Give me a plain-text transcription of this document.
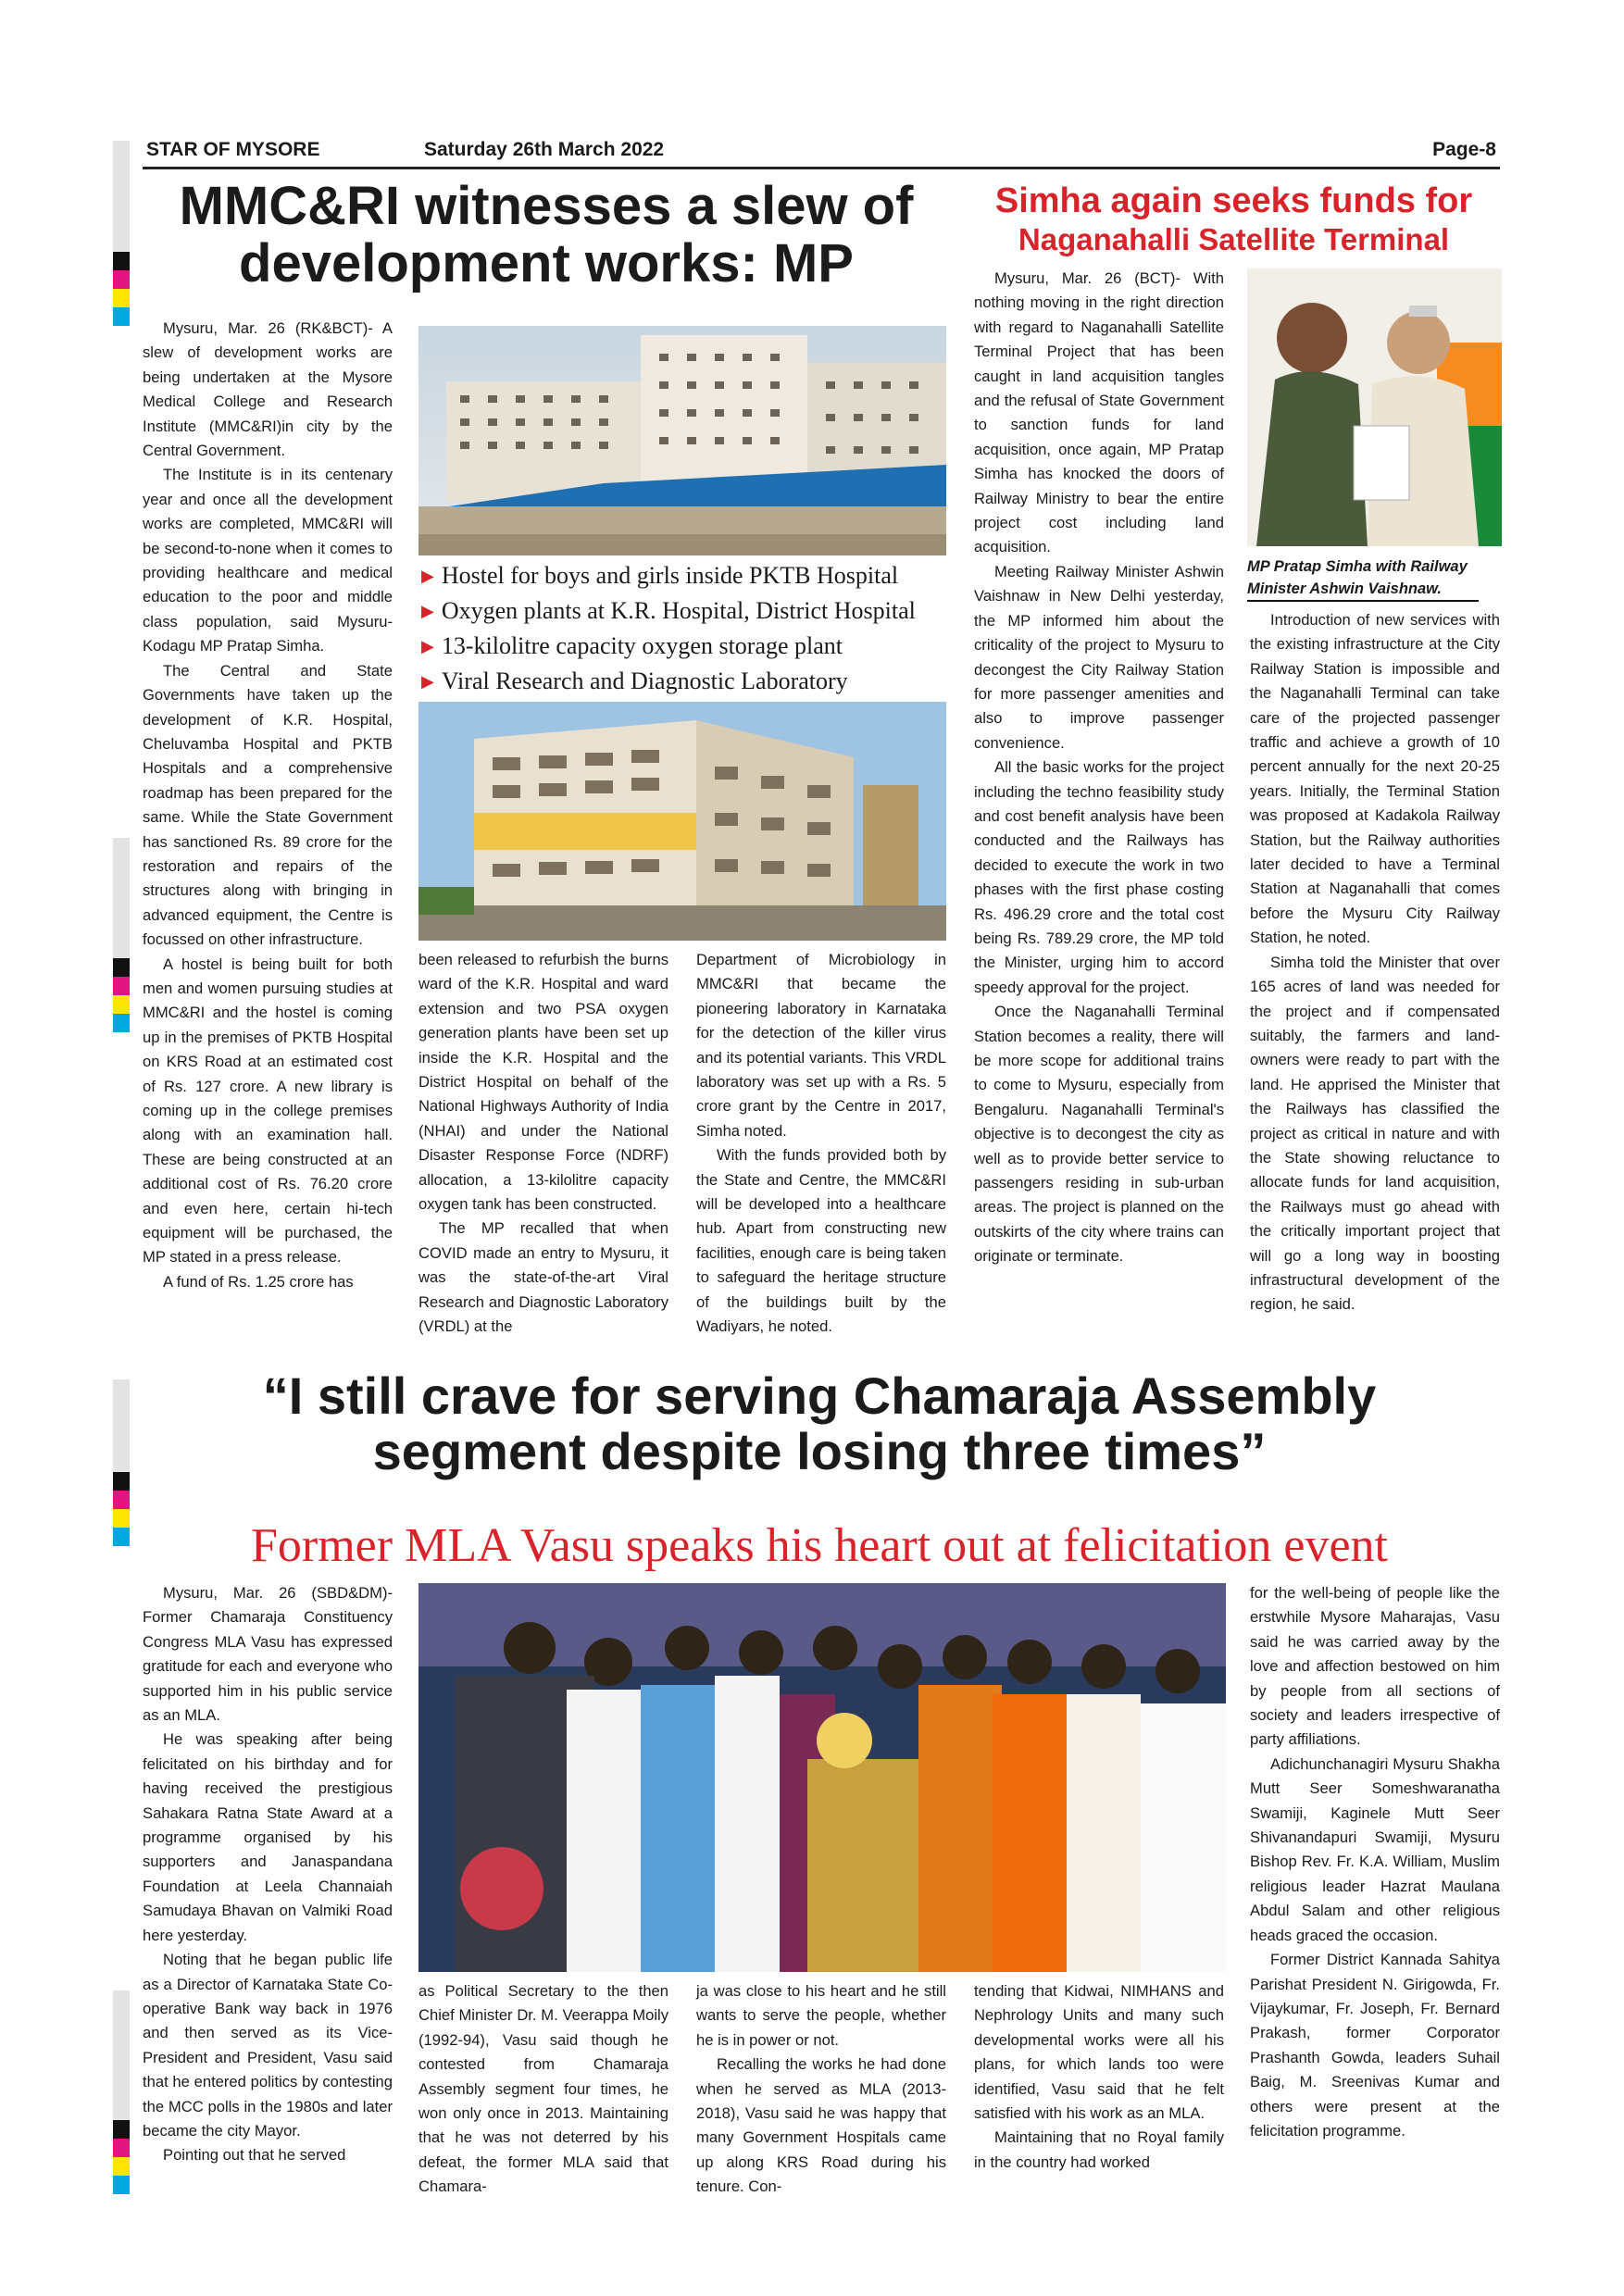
STAR OF MYSORE	Saturday 26th March 2022	Page-8
MMC&RI witnesses a slew of development works: MP
▶ Hostel for boys and girls inside PKTB Hospital
▶ Oxygen plants at K.R. Hospital, District Hospital
▶ 13-kilolitre capacity oxygen storage plant
▶ Viral Research and Diagnostic Laboratory

Mysuru, Mar. 26 (RK&BCT)- A slew of development works are being undertaken at the Mysore Medical College and Research Institute (MMC&RI)in city by the Central Government.

The Institute is in its centenary year and once all the development works are completed, MMC&RI will be second-to-none when it comes to providing healthcare and medical education to the poor and middle class population, said Mysuru-Kodagu MP Pratap Simha.

The Central and State Governments have taken up the development of K.R. Hospital, Cheluvamba Hospital and PKTB Hospitals and a comprehensive roadmap has been prepared for the same. While the State Government has sanctioned Rs. 89 crore for the restoration and repairs of the structures along with bringing in advanced equipment, the Centre is focussed on other infrastructure.

A hostel is being built for both men and women pursuing studies at MMC&RI and the hostel is coming up in the premises of PKTB Hospital on KRS Road at an estimated cost of Rs. 127 crore. A new library is coming up in the college premises along with an examination hall. These are being constructed at an additional cost of Rs. 76.20 crore and even here, certain hi-tech equipment will be purchased, the MP stated in a press release.

A fund of Rs. 1.25 crore has

been released to refurbish the burns ward of the K.R. Hospital and ward extension and two PSA oxygen generation plants have been set up inside the K.R. Hospital and the District Hospital on behalf of the National Highways Authority of India (NHAI) and under the National Disaster Response Force (NDRF) allocation, a 13-kilolitre capacity oxygen tank has been constructed.

The MP recalled that when COVID made an entry to Mysuru, it was the state-of-the-art Viral Research and Diagnostic Laboratory (VRDL) at the

Department of Microbiology in MMC&RI that became the pioneering laboratory in Karnataka for the detection of the killer virus and its potential variants. This VRDL laboratory was set up with a Rs. 5 crore grant by the Centre in 2017, Simha noted.

With the funds provided both by the State and Centre, the MMC&RI will be developed into a healthcare hub. Apart from constructing new facilities, enough care is being taken to safeguard the heritage structure of the buildings built by the Wadiyars, he noted.

Simha again seeks funds for
Naganahalli Satellite Terminal
MP Pratap Simha with Railway Minister Ashwin Vaishnaw.

Mysuru, Mar. 26 (BCT)- With nothing moving in the right direction with regard to Naganahalli Satellite Terminal Project that has been caught in land acquisition tangles and the refusal of State Government to sanction funds for land acquisition, once again, MP Pratap Simha has knocked the doors of Railway Ministry to bear the entire project cost including land acquisition.

Meeting Railway Minister Ashwin Vaishnaw in New Delhi yesterday, the MP informed him about the criticality of the project to Mysuru to decongest the City Railway Station for more passenger amenities and also to improve passenger convenience.

All the basic works for the project including the techno feasibility study and cost benefit analysis have been conducted and the Railways has decided to execute the work in two phases with the first phase costing Rs. 496.29 crore and the total cost being Rs. 789.29 crore, the MP told the Minister, urging him to accord speedy approval for the project.

Once the Naganahalli Terminal Station becomes a reality, there will be more scope for additional trains to come to Mysuru, especially from Bengaluru. Naganahalli Terminal's objective is to decongest the city as well as to provide better service to passengers residing in sub-urban areas. The project is planned on the outskirts of the city where trains can originate or terminate.

Introduction of new services with the existing infrastructure at the City Railway Station is impossible and the Naganahalli Terminal can take care of the projected passenger traffic and achieve a growth of 10 percent annually for the next 20-25 years. Initially, the Terminal Station was proposed at Kadakola Railway Station, but the Railway authorities later decided to have a Terminal Station at Naganahalli that comes before the Mysuru City Railway Station, he noted.

Simha told the Minister that over 165 acres of land was needed for the project and if compensated suitably, the farmers and land-owners were ready to part with the land. He apprised the Minister that the Railways has classified the project as critical in nature and with the State showing reluctance to allocate funds for land acquisition, the Railways must go ahead with the critically important project that will go a long way in boosting infrastructural development of the region, he said.

“I still crave for serving Chamaraja Assembly
segment despite losing three times”
Former MLA Vasu speaks his heart out at felicitation event

Mysuru, Mar. 26 (SBD&DM)- Former Chamaraja Constituency Congress MLA Vasu has expressed gratitude for each and everyone who supported him in his public service as an MLA.

He was speaking after being felicitated on his birthday and for having received the prestigious Sahakara Ratna State Award at a programme organised by his supporters and Janaspandana Foundation at Leela Channaiah Samudaya Bhavan on Valmiki Road here yesterday.

Noting that he began public life as a Director of Karnataka State Co-operative Bank way back in 1976 and then served as its Vice-President and President, Vasu said that he entered politics by contesting the MCC polls in the 1980s and later became the city Mayor.

Pointing out that he served

as Political Secretary to the then Chief Minister Dr. M. Veerappa Moily (1992-94), Vasu said though he contested from Chamaraja Assembly segment four times, he won only once in 2013. Maintaining that he was not deterred by his defeat, the former MLA said that Chamara-

ja was close to his heart and he still wants to serve the people, whether he is in power or not.

Recalling the works he had done when he served as MLA (2013-2018), Vasu said he was happy that many Government Hospitals came up along KRS Road during his tenure. Con-

tending that Kidwai, NIMHANS and Nephrology Units and many such developmental works were all his plans, for which lands too were identified, Vasu said that he felt satisfied with his work as an MLA.

Maintaining that no Royal family in the country had worked

for the well-being of people like the erstwhile Mysore Maharajas, Vasu said he was carried away by the love and affection bestowed on him by people from all sections of society and leaders irrespective of party affiliations.

Adichunchanagiri Mysuru Shakha Mutt Seer Someshwaranatha Swamiji, Kaginele Mutt Seer Shivanandapuri Swamiji, Mysuru Bishop Rev. Fr. K.A. William, Muslim religious leader Hazrat Maulana Abdul Salam and other religious heads graced the occasion.

Former District Kannada Sahitya Parishat President N. Girigowda, Fr. Vijaykumar, Fr. Joseph, Fr. Bernard Prakash, former Corporator Prashanth Gowda, leaders Suhail Baig, M. Sreenivas Kumar and others were present at the felicitation programme.
